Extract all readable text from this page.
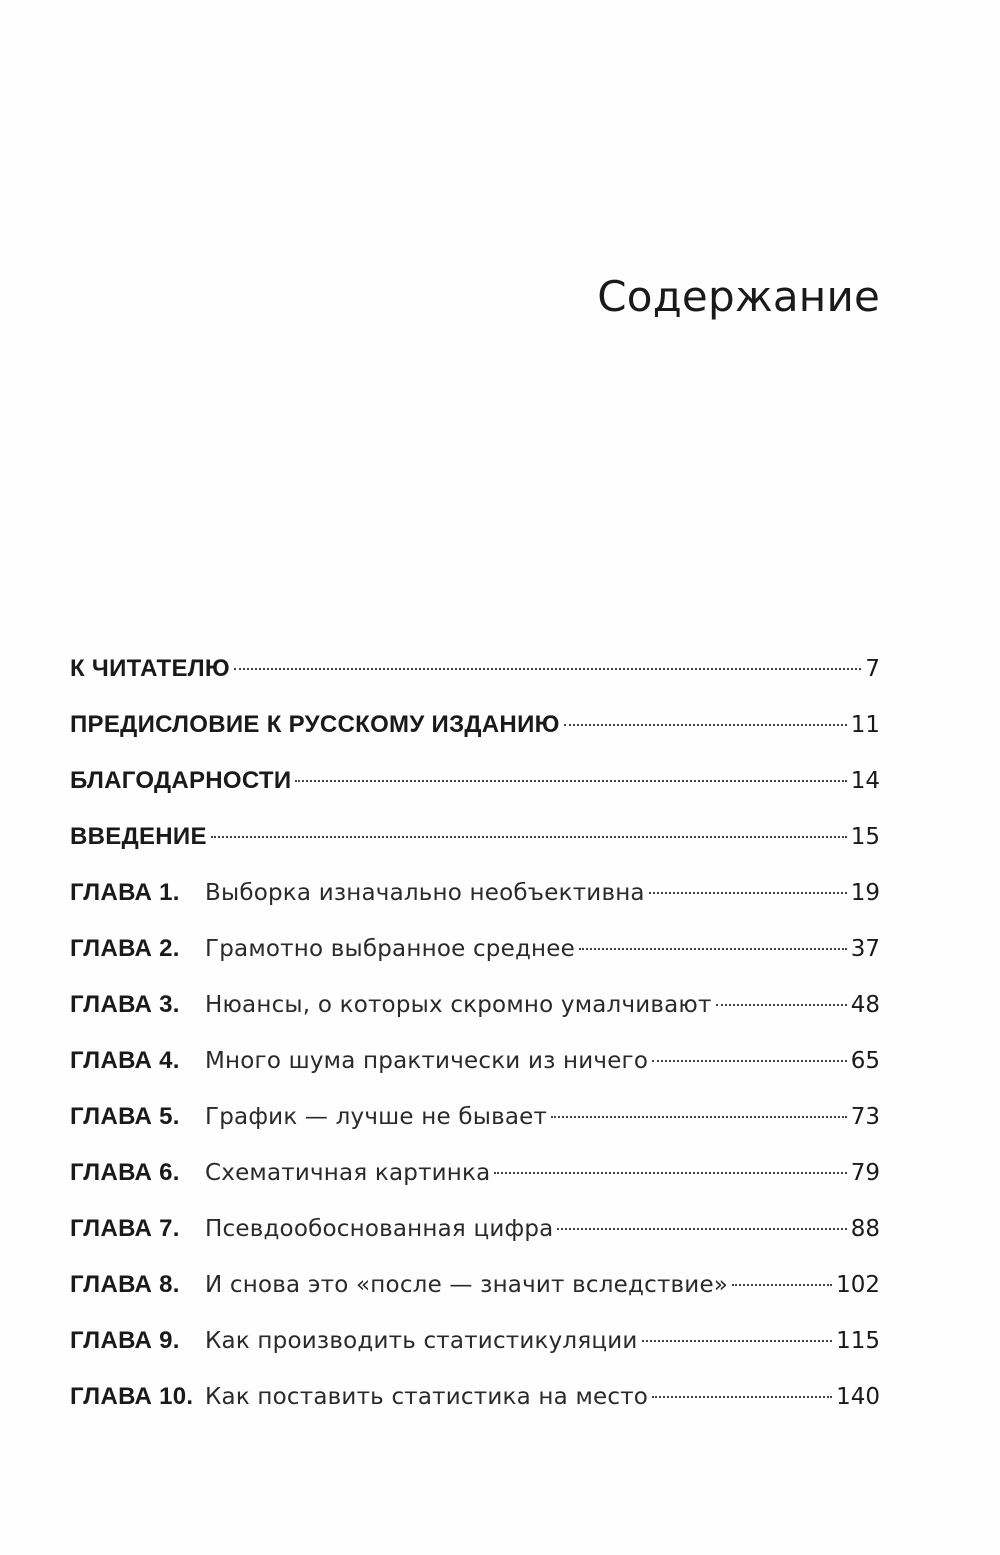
Содержание
К ЧИТАТЕЛЮ	7
ПРЕДИСЛОВИЕ К РУССКОМУ ИЗДАНИЮ	11
БЛАГОДАРНОСТИ	14
ВВЕДЕНИЕ	15
ГЛАВА 1.	Выборка изначально необъективна	19
ГЛАВА 2.	Грамотно выбранное среднее	37
ГЛАВА 3.	Нюансы, о которых скромно умалчивают	48
ГЛАВА 4.	Много шума практически из ничего	65
ГЛАВА 5.	График — лучше не бывает	73
ГЛАВА 6.	Схематичная картинка	79
ГЛАВА 7.	Псевдообоснованная цифра	88
ГЛАВА 8.	И снова это «после — значит вследствие»	102
ГЛАВА 9.	Как производить статистикуляции	115
ГЛАВА 10. Как поставить статистика на место	140
